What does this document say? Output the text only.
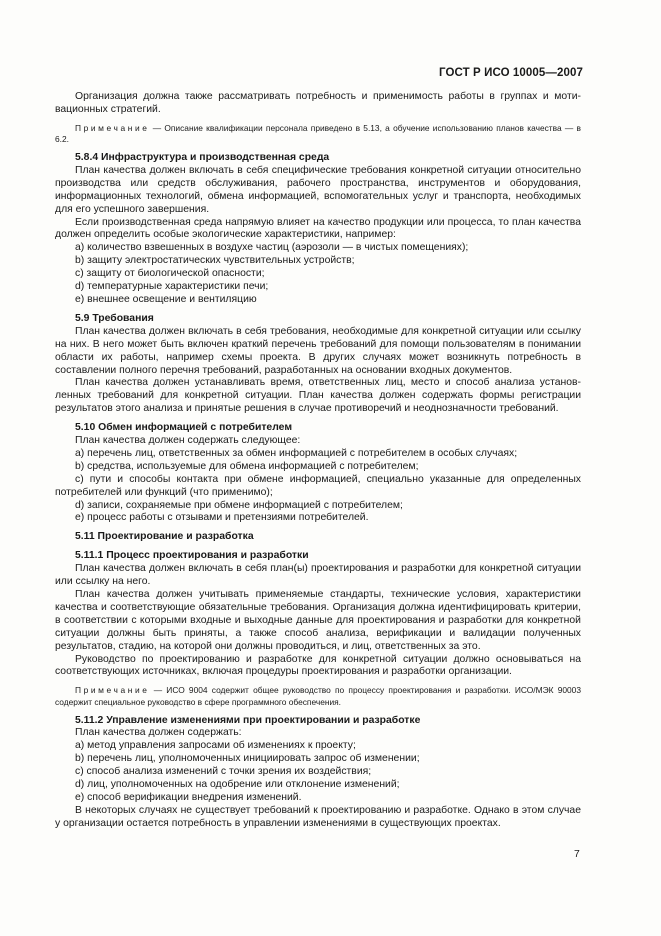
ГОСТ Р ИСО 10005—2007

Организация должна также рассматривать потребность и применимость работы в группах и мотивационных стратегий.

Примечание — Описание квалификации персонала приведено в 5.13, а обучение использованию планов качества — в 6.2.

5.8.4 Инфраструктура и производственная среда

План качества должен включать в себя специфические требования конкретной ситуации относительно производства или средств обслуживания, рабочего пространства, инструментов и оборудования, информационных технологий, обмена информацией, вспомогательных услуг и транспорта, необходимых для его успешного завершения.

Если производственная среда напрямую влияет на качество продукции или процесса, то план качества должен определить особые экологические характеристики, например:

a) количество взвешенных в воздухе частиц (аэрозоли — в чистых помещениях);

b) защиту электростатических чувствительных устройств;

c) защиту от биологической опасности;

d) температурные характеристики печи;

e) внешнее освещение и вентиляцию

5.9 Требования

План качества должен включать в себя требования, необходимые для конкретной ситуации или ссылку на них. В него может быть включен краткий перечень требований для помощи пользователям в понимании области их работы, например схемы проекта. В других случаях может возникнуть потребность в составлении полного перечня требований, разработанных на основании входных документов.

План качества должен устанавливать время, ответственных лиц, место и способ анализа установленных требований для конкретной ситуации. План качества должен содержать формы регистрации результатов этого анализа и принятые решения в случае противоречий и неоднозначности требований.

5.10 Обмен информацией с потребителем

План качества должен содержать следующее:

a) перечень лиц, ответственных за обмен информацией с потребителем в особых случаях;

b) средства, используемые для обмена информацией с потребителем;

c) пути и способы контакта при обмене информацией, специально указанные для определенных потребителей или функций (что применимо);

d) записи, сохраняемые при обмене информацией с потребителем;

e) процесс работы с отзывами и претензиями потребителей.

5.11 Проектирование и разработка

5.11.1 Процесс проектирования и разработки

План качества должен включать в себя план(ы) проектирования и разработки для конкретной ситуации или ссылку на него.

План качества должен учитывать применяемые стандарты, технические условия, характеристики качества и соответствующие обязательные требования. Организация должна идентифицировать критерии, в соответствии с которыми входные и выходные данные для проектирования и разработки для конкретной ситуации должны быть приняты, а также способ анализа, верификации и валидации полученных результатов, стадию, на которой они должны проводиться, и лиц, ответственных за это.

Руководство по проектированию и разработке для конкретной ситуации должно основываться на соответствующих источниках, включая процедуры проектирования и разработки организации.

Примечание — ИСО 9004 содержит общее руководство по процессу проектирования и разработки. ИСО/МЭК 90003 содержит специальное руководство в сфере программного обеспечения.

5.11.2 Управление изменениями при проектировании и разработке

План качества должен содержать:

a) метод управления запросами об изменениях к проекту;

b) перечень лиц, уполномоченных инициировать запрос об изменении;

c) способ анализа изменений с точки зрения их воздействия;

d) лиц, уполномоченных на одобрение или отклонение изменений;

e) способ верификации внедрения изменений.

В некоторых случаях не существует требований к проектированию и разработке. Однако в этом случае у организации остается потребность в управлении изменениями в существующих проектах.

7
